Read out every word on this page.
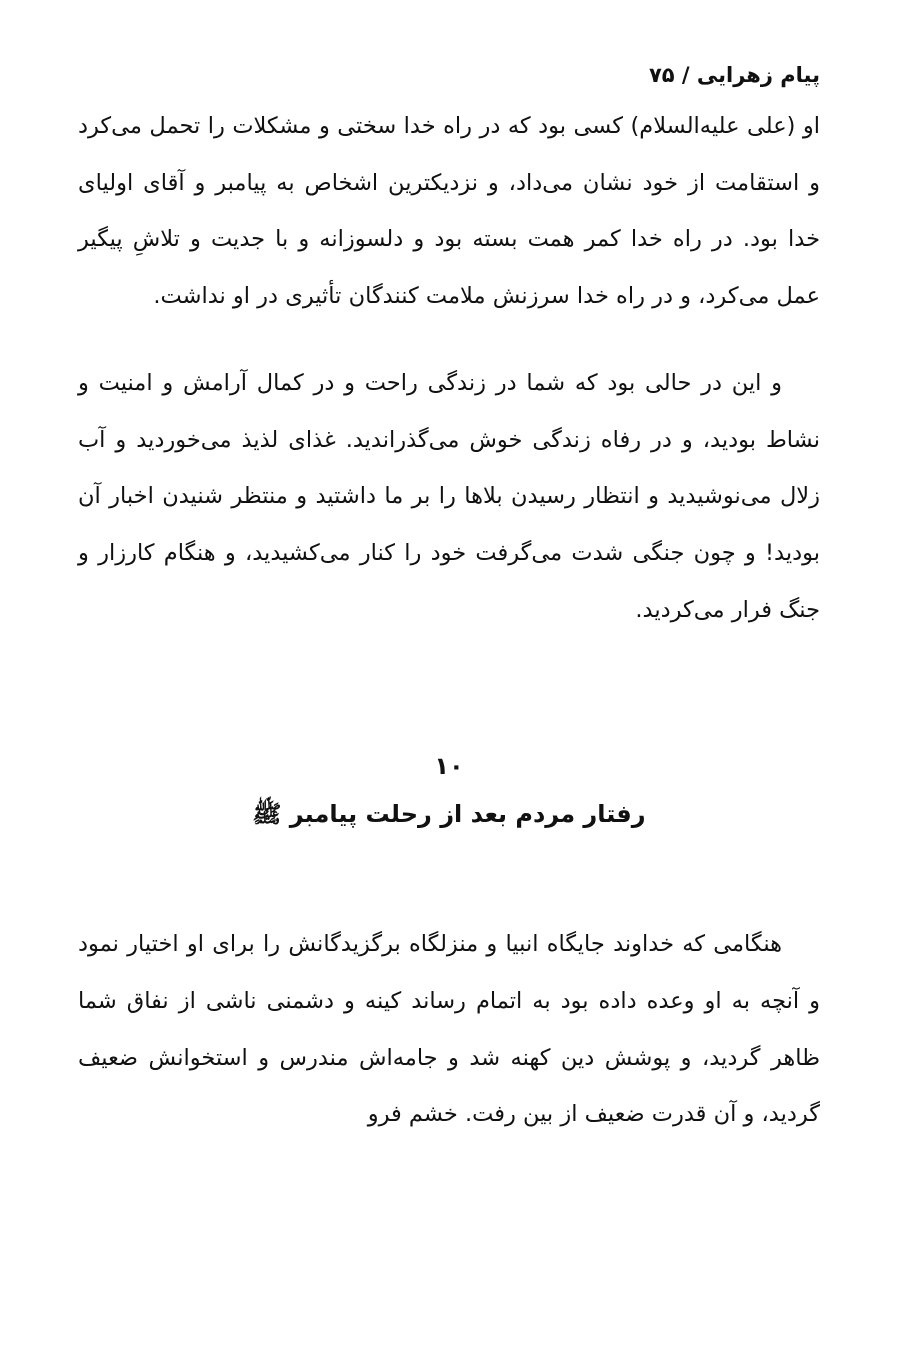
پیام زهرایی / ۷۵

او (علی‌ علیه‌السلام) کسی بود که در راه خدا سختی و مشکلات را تحمل می‌کرد و استقامت از خود نشان می‌داد، و نزدیکترین اشخاص به پیامبر و آقای اولیای خدا بود. در راه خدا کمر همت بسته بود و دلسوزانه و با جدیت و تلاشِ پیگیر عمل می‌کرد، و در راه خدا سرزنش ملامت کنندگان تأثیری در او نداشت.

و این در حالی بود که شما در زندگی راحت و در کمال آرامش و امنیت و نشاط بودید، و در رفاه زندگی خوش می‌گذراندید. غذای لذیذ می‌خوردید و آب زلال می‌نوشیدید و انتظار رسیدن بلاها را بر ما داشتید و منتظر شنیدن اخبار آن بودید! و چون جنگی شدت می‌گرفت خود را کنار می‌کشیدید، و هنگام کارزار و جنگ فرار می‌کردید.

۱۰

رفتار مردم بعد از رحلت پیامبر ﷺ

هنگامی که خداوند جایگاه انبیا و منزلگاه برگزیدگانش را برای او اختیار نمود و آنچه به او وعده داده بود به اتمام رساند کینه و دشمنی ناشی از نفاق شما ظاهر گردید، و پوشش دین کهنه شد و جامه‌اش مندرس و استخوانش ضعیف گردید، و آن قدرت ضعیف از بین رفت. خشم فرو
